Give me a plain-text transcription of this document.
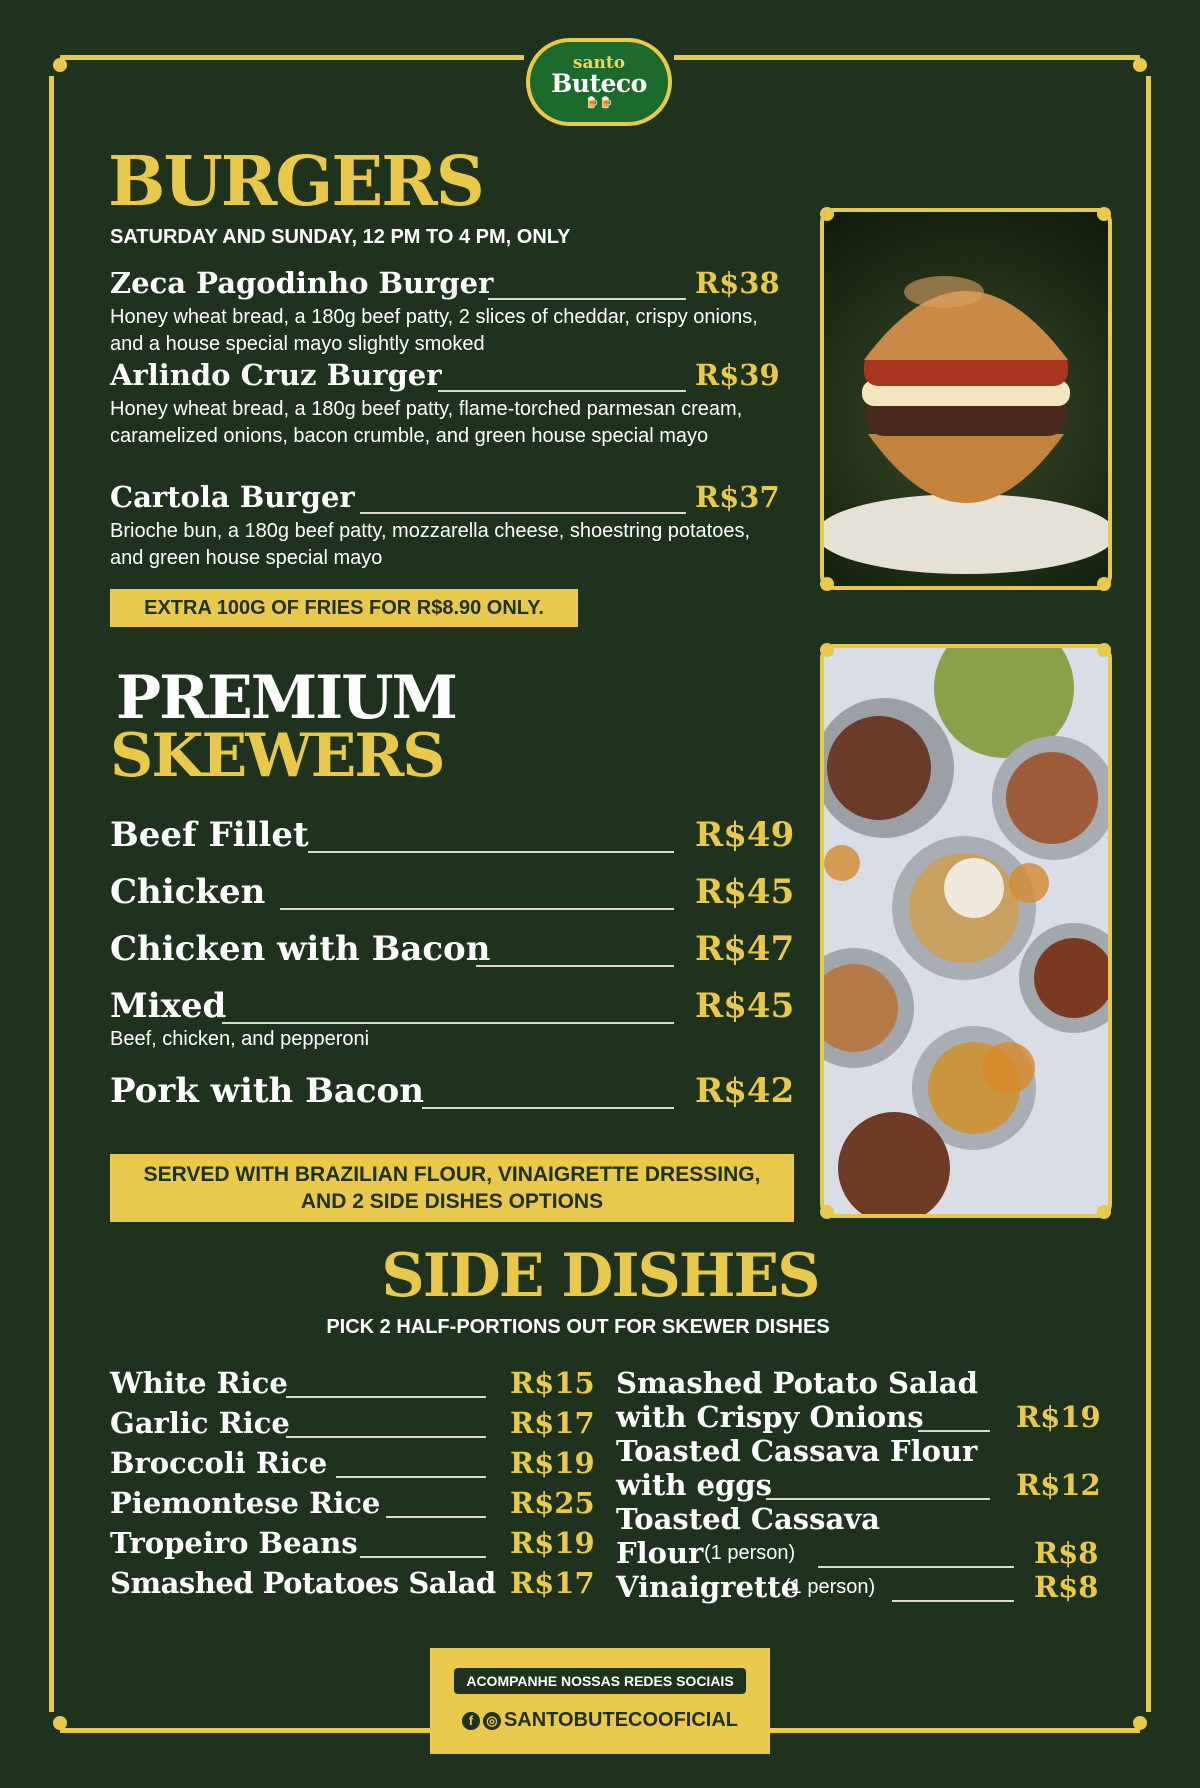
santo
Buteco
🍺🍺
BURGERS
SATURDAY AND SUNDAY, 12 PM TO 4 PM, ONLY
Zeca Pagodinho Burger	R$38
Honey wheat bread, a 180g beef patty, 2 slices of cheddar, crispy onions, and a house special mayo slightly smoked
Arlindo Cruz Burger	R$39
Honey wheat bread, a 180g beef patty, flame-torched parmesan cream, caramelized onions, bacon crumble, and green house special mayo
Cartola Burger	R$37
Brioche bun, a 180g beef patty, mozzarella cheese, shoestring potatoes, and green house special mayo
EXTRA 100G OF FRIES FOR R$8.90 ONLY.
PREMIUM
SKEWERS
Beef Fillet	R$49
Chicken	R$45
Chicken with Bacon	R$47
Mixed	R$45
Beef, chicken, and pepperoni
Pork with Bacon	R$42
SERVED WITH BRAZILIAN FLOUR, VINAIGRETTE DRESSING,
AND 2 SIDE DISHES OPTIONS
SIDE DISHES
PICK 2 HALF-PORTIONS OUT FOR SKEWER DISHES
White Rice	R$15
Garlic Rice	R$17
Broccoli Rice	R$19
Piemontese Rice	R$25
Tropeiro Beans	R$19
Smashed Potatoes Salad R$17
Smashed Potato Salad
with Crispy Onions	R$19
Toasted Cassava Flour
with eggs	R$12
Toasted Cassava
Flour (1 person)	R$8
Vinaigrette
(1 person)	R$8
ACOMPANHE NOSSAS REDES SOCIAIS
f ◎ SANTOBUTECOOFICIAL
